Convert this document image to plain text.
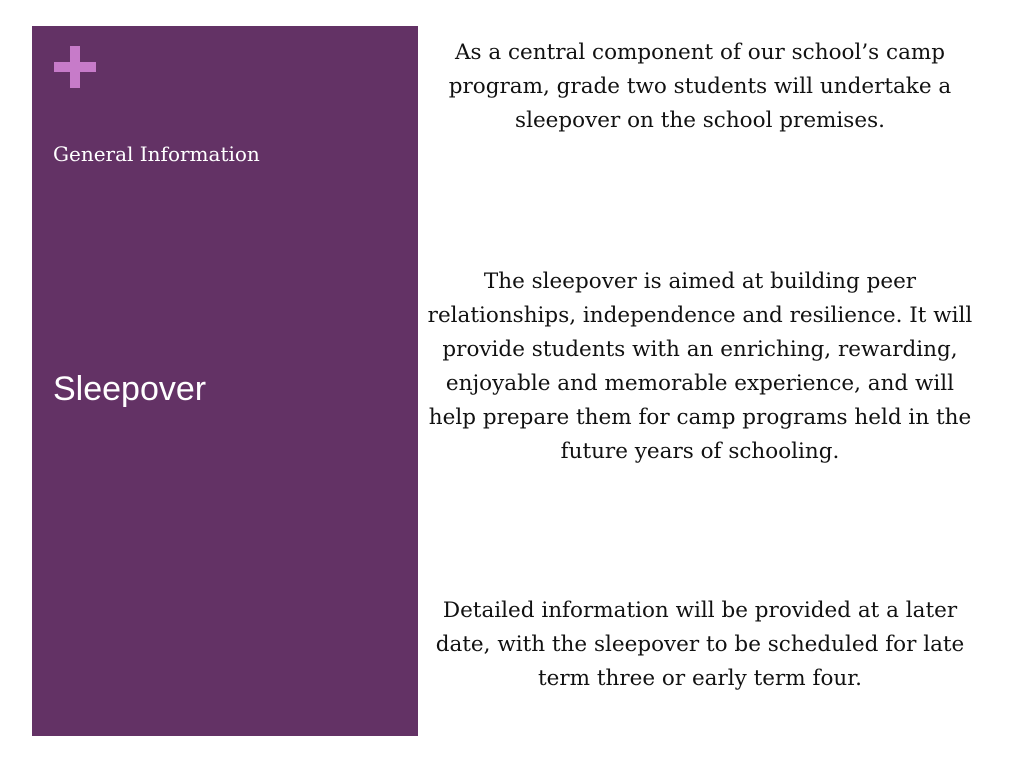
General Information
Sleepover

As a central component of our school’s camp program, grade two students will undertake a sleepover on the school premises.

The sleepover is aimed at building peer relationships, independence and resilience. It will provide students with an enriching, rewarding, enjoyable and memorable experience, and will help prepare them for camp programs held in the future years of schooling.

Detailed information will be provided at a later date, with the sleepover to be scheduled for late term three or early term four.
